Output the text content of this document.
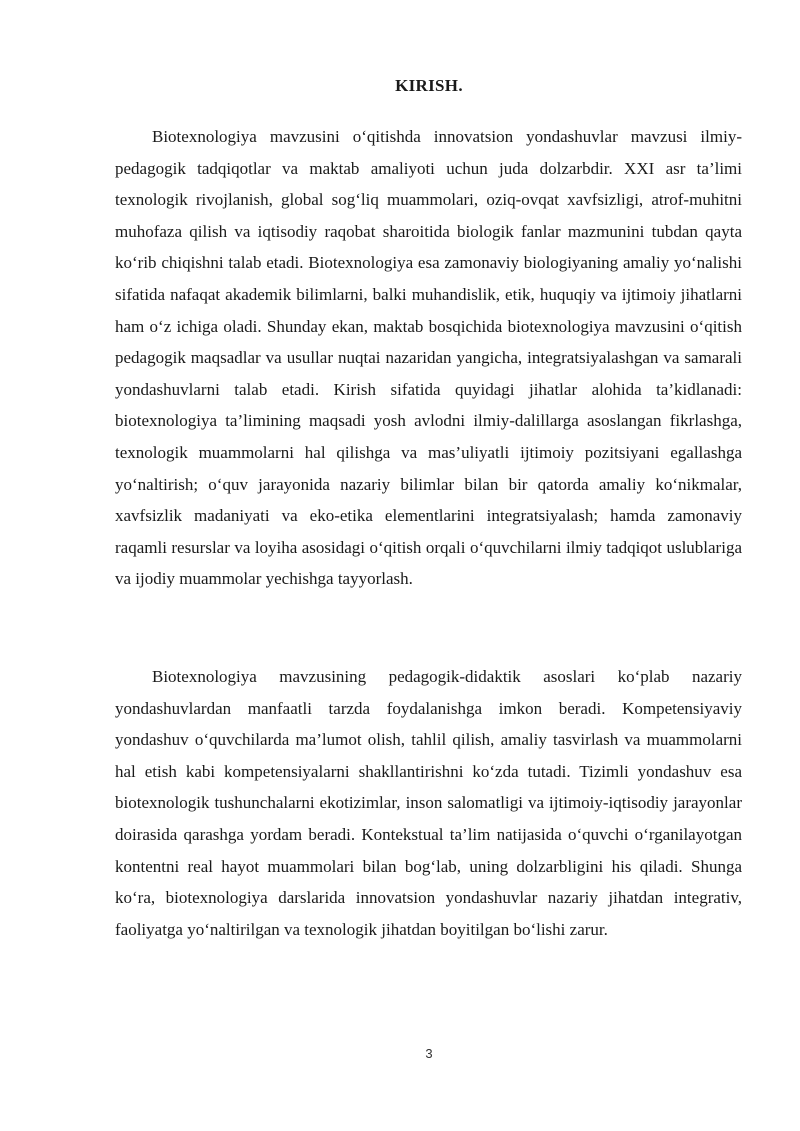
KIRISH.

Biotexnologiya mavzusini o‘qitishda innovatsion yondashuvlar mavzusi ilmiy-pedagogik tadqiqotlar va maktab amaliyoti uchun juda dolzarbdir. XXI asr ta’limi texnologik rivojlanish, global sog‘liq muammolari, oziq-ovqat xavfsizligi, atrof-muhitni muhofaza qilish va iqtisodiy raqobat sharoitida biologik fanlar mazmunini tubdan qayta ko‘rib chiqishni talab etadi. Biotexnologiya esa zamonaviy biologiyaning amaliy yo‘nalishi sifatida nafaqat akademik bilimlarni, balki muhandislik, etik, huquqiy va ijtimoiy jihatlarni ham o‘z ichiga oladi. Shunday ekan, maktab bosqichida biotexnologiya mavzusini o‘qitish pedagogik maqsadlar va usullar nuqtai nazaridan yangicha, integratsiyalashgan va samarali yondashuvlarni talab etadi. Kirish sifatida quyidagi jihatlar alohida ta’kidlanadi: biotexnologiya ta’limining maqsadi yosh avlodni ilmiy-dalillarga asoslangan fikrlashga, texnologik muammolarni hal qilishga va mas’uliyatli ijtimoiy pozitsiyani egallashga yo‘naltirish; o‘quv jarayonida nazariy bilimlar bilan bir qatorda amaliy ko‘nikmalar, xavfsizlik madaniyati va eko-etika elementlarini integratsiyalash; hamda zamonaviy raqamli resurslar va loyiha asosidagi o‘qitish orqali o‘quvchilarni ilmiy tadqiqot uslublariga va ijodiy muammolar yechishga tayyorlash.

Biotexnologiya mavzusining pedagogik-didaktik asoslari ko‘plab nazariy yondashuvlardan manfaatli tarzda foydalanishga imkon beradi. Kompetensiyaviy yondashuv o‘quvchilarda ma’lumot olish, tahlil qilish, amaliy tasvirlash va muammolarni hal etish kabi kompetensiyalarni shakllantirishni ko‘zda tutadi. Tizimli yondashuv esa biotexnologik tushunchalarni ekotizimlar, inson salomatligi va ijtimoiy-iqtisodiy jarayonlar doirasida qarashga yordam beradi. Kontekstual ta’lim natijasida o‘quvchi o‘rganilayotgan kontentni real hayot muammolari bilan bog‘lab, uning dolzarbligini his qiladi. Shunga ko‘ra, biotexnologiya darslarida innovatsion yondashuvlar nazariy jihatdan integrativ, faoliyatga yo‘naltirilgan va texnologik jihatdan boyitilgan bo‘lishi zarur.

3
